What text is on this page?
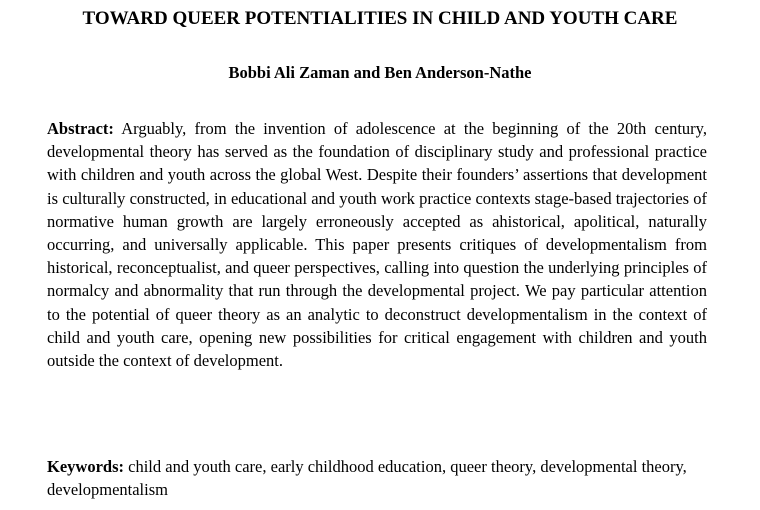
TOWARD QUEER POTENTIALITIES IN CHILD AND YOUTH CARE

Bobbi Ali Zaman and Ben Anderson-Nathe

Abstract: Arguably, from the invention of adolescence at the beginning of the 20th century, developmental theory has served as the foundation of disciplinary study and professional practice with children and youth across the global West. Despite their founders’ assertions that development is culturally constructed, in educational and youth work practice contexts stage-based trajectories of normative human growth are largely erroneously accepted as ahistorical, apolitical, naturally occurring, and universally applicable. This paper presents critiques of developmentalism from historical, reconceptualist, and queer perspectives, calling into question the underlying principles of normalcy and abnormality that run through the developmental project. We pay particular attention to the potential of queer theory as an analytic to deconstruct developmentalism in the context of child and youth care, opening new possibilities for critical engagement with children and youth outside the context of development.

Keywords: child and youth care, early childhood education, queer theory, developmental theory, developmentalism
